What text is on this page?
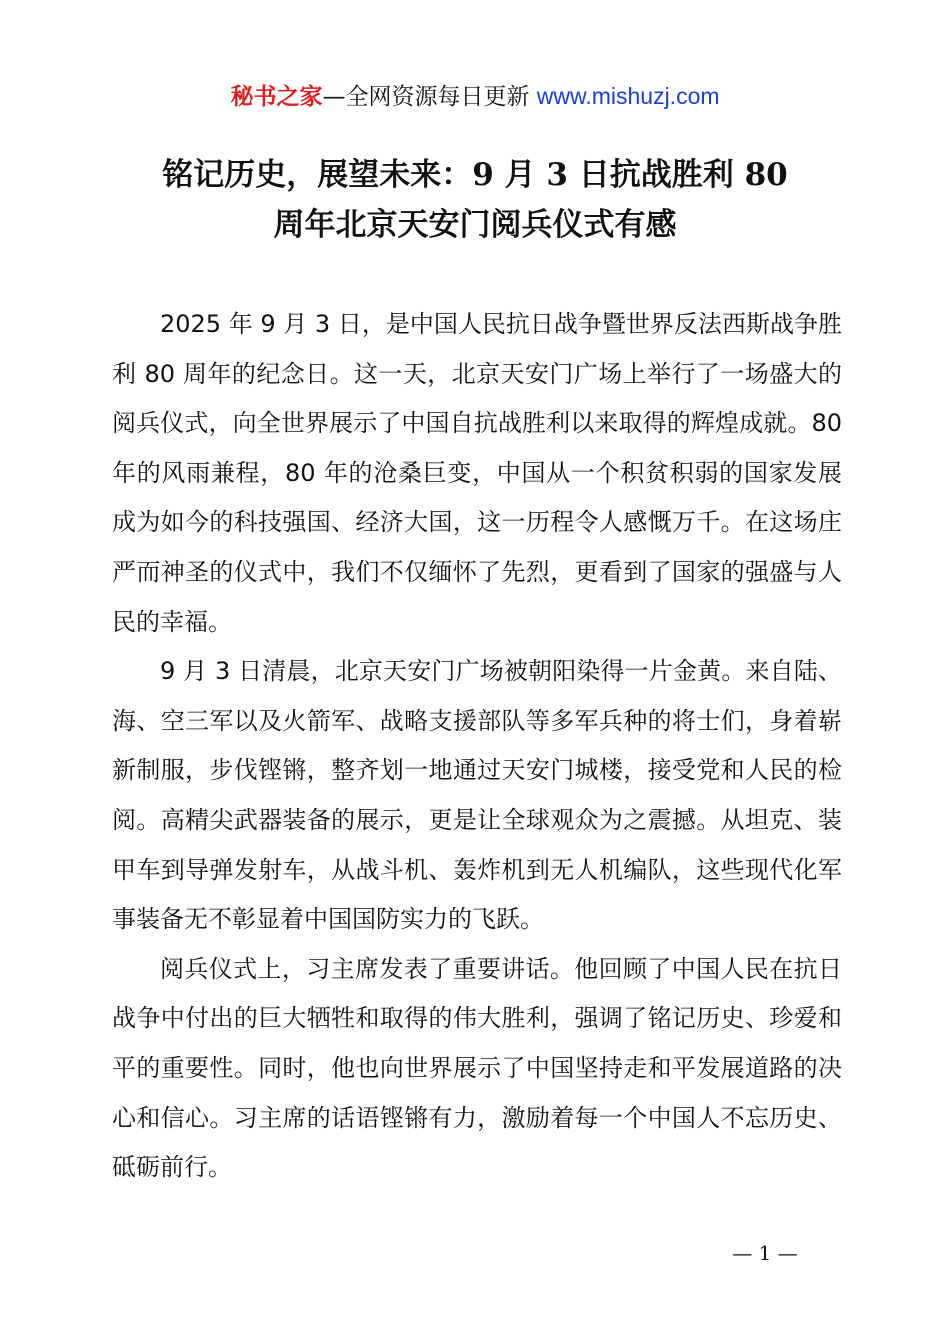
秘书之家—全网资源每日更新 www.mishuzj.com
铭记历史，展望未来：9 月 3 日抗战胜利 80
周年北京天安门阅兵仪式有感

2025 年 9 月 3 日，是中国人民抗日战争暨世界反法西斯战争胜利 80 周年的纪念日。这一天，北京天安门广场上举行了一场盛大的阅兵仪式，向全世界展示了中国自抗战胜利以来取得的辉煌成就。80 年的风雨兼程，80 年的沧桑巨变，中国从一个积贫积弱的国家发展成为如今的科技强国、经济大国，这一历程令人感慨万千。在这场庄严而神圣的仪式中，我们不仅缅怀了先烈，更看到了国家的强盛与人民的幸福。

9 月 3 日清晨，北京天安门广场被朝阳染得一片金黄。来自陆、海、空三军以及火箭军、战略支援部队等多军兵种的将士们，身着崭新制服，步伐铿锵，整齐划一地通过天安门城楼，接受党和人民的检阅。高精尖武器装备的展示，更是让全球观众为之震撼。从坦克、装甲车到导弹发射车，从战斗机、轰炸机到无人机编队，这些现代化军事装备无不彰显着中国国防实力的飞跃。

阅兵仪式上，习主席发表了重要讲话。他回顾了中国人民在抗日战争中付出的巨大牺牲和取得的伟大胜利，强调了铭记历史、珍爱和平的重要性。同时，他也向世界展示了中国坚持走和平发展道路的决心和信心。习主席的话语铿锵有力，激励着每一个中国人不忘历史、砥砺前行。

— 1 —
